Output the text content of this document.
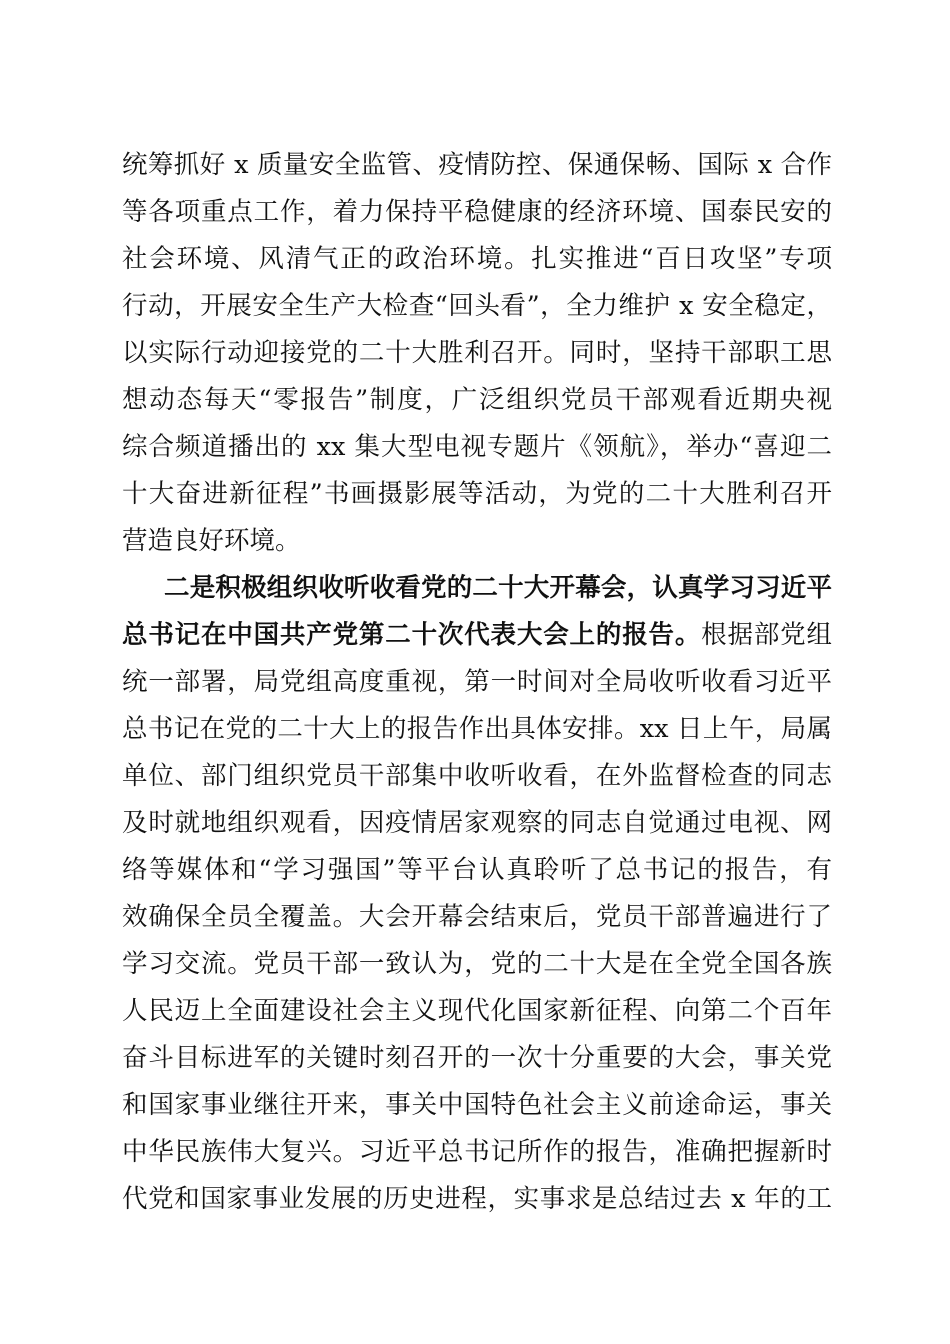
统筹抓好 x 质量安全监管、疫情防控、保通保畅、国际 x 合作
等各项重点工作，着力保持平稳健康的经济环境、国泰民安的
社会环境、风清气正的政治环境。扎实推进“百日攻坚”专项
行动，开展安全生产大检查“回头看”，全力维护 x 安全稳定，
以实际行动迎接党的二十大胜利召开。同时，坚持干部职工思
想动态每天“零报告”制度，广泛组织党员干部观看近期央视
综合频道播出的 xx 集大型电视专题片《领航》，举办“喜迎二
十大奋进新征程”书画摄影展等活动，为党的二十大胜利召开
营造良好环境。
二是积极组织收听收看党的二十大开幕会，认真学习习近平
总书记在中国共产党第二十次代表大会上的报告。根据部党组
统一部署，局党组高度重视，第一时间对全局收听收看习近平
总书记在党的二十大上的报告作出具体安排。xx 日上午，局属
单位、部门组织党员干部集中收听收看，在外监督检查的同志
及时就地组织观看，因疫情居家观察的同志自觉通过电视、网
络等媒体和“学习强国”等平台认真聆听了总书记的报告，有
效确保全员全覆盖。大会开幕会结束后，党员干部普遍进行了
学习交流。党员干部一致认为，党的二十大是在全党全国各族
人民迈上全面建设社会主义现代化国家新征程、向第二个百年
奋斗目标进军的关键时刻召开的一次十分重要的大会，事关党
和国家事业继往开来，事关中国特色社会主义前途命运，事关
中华民族伟大复兴。习近平总书记所作的报告，准确把握新时
代党和国家事业发展的历史进程，实事求是总结过去 x 年的工
